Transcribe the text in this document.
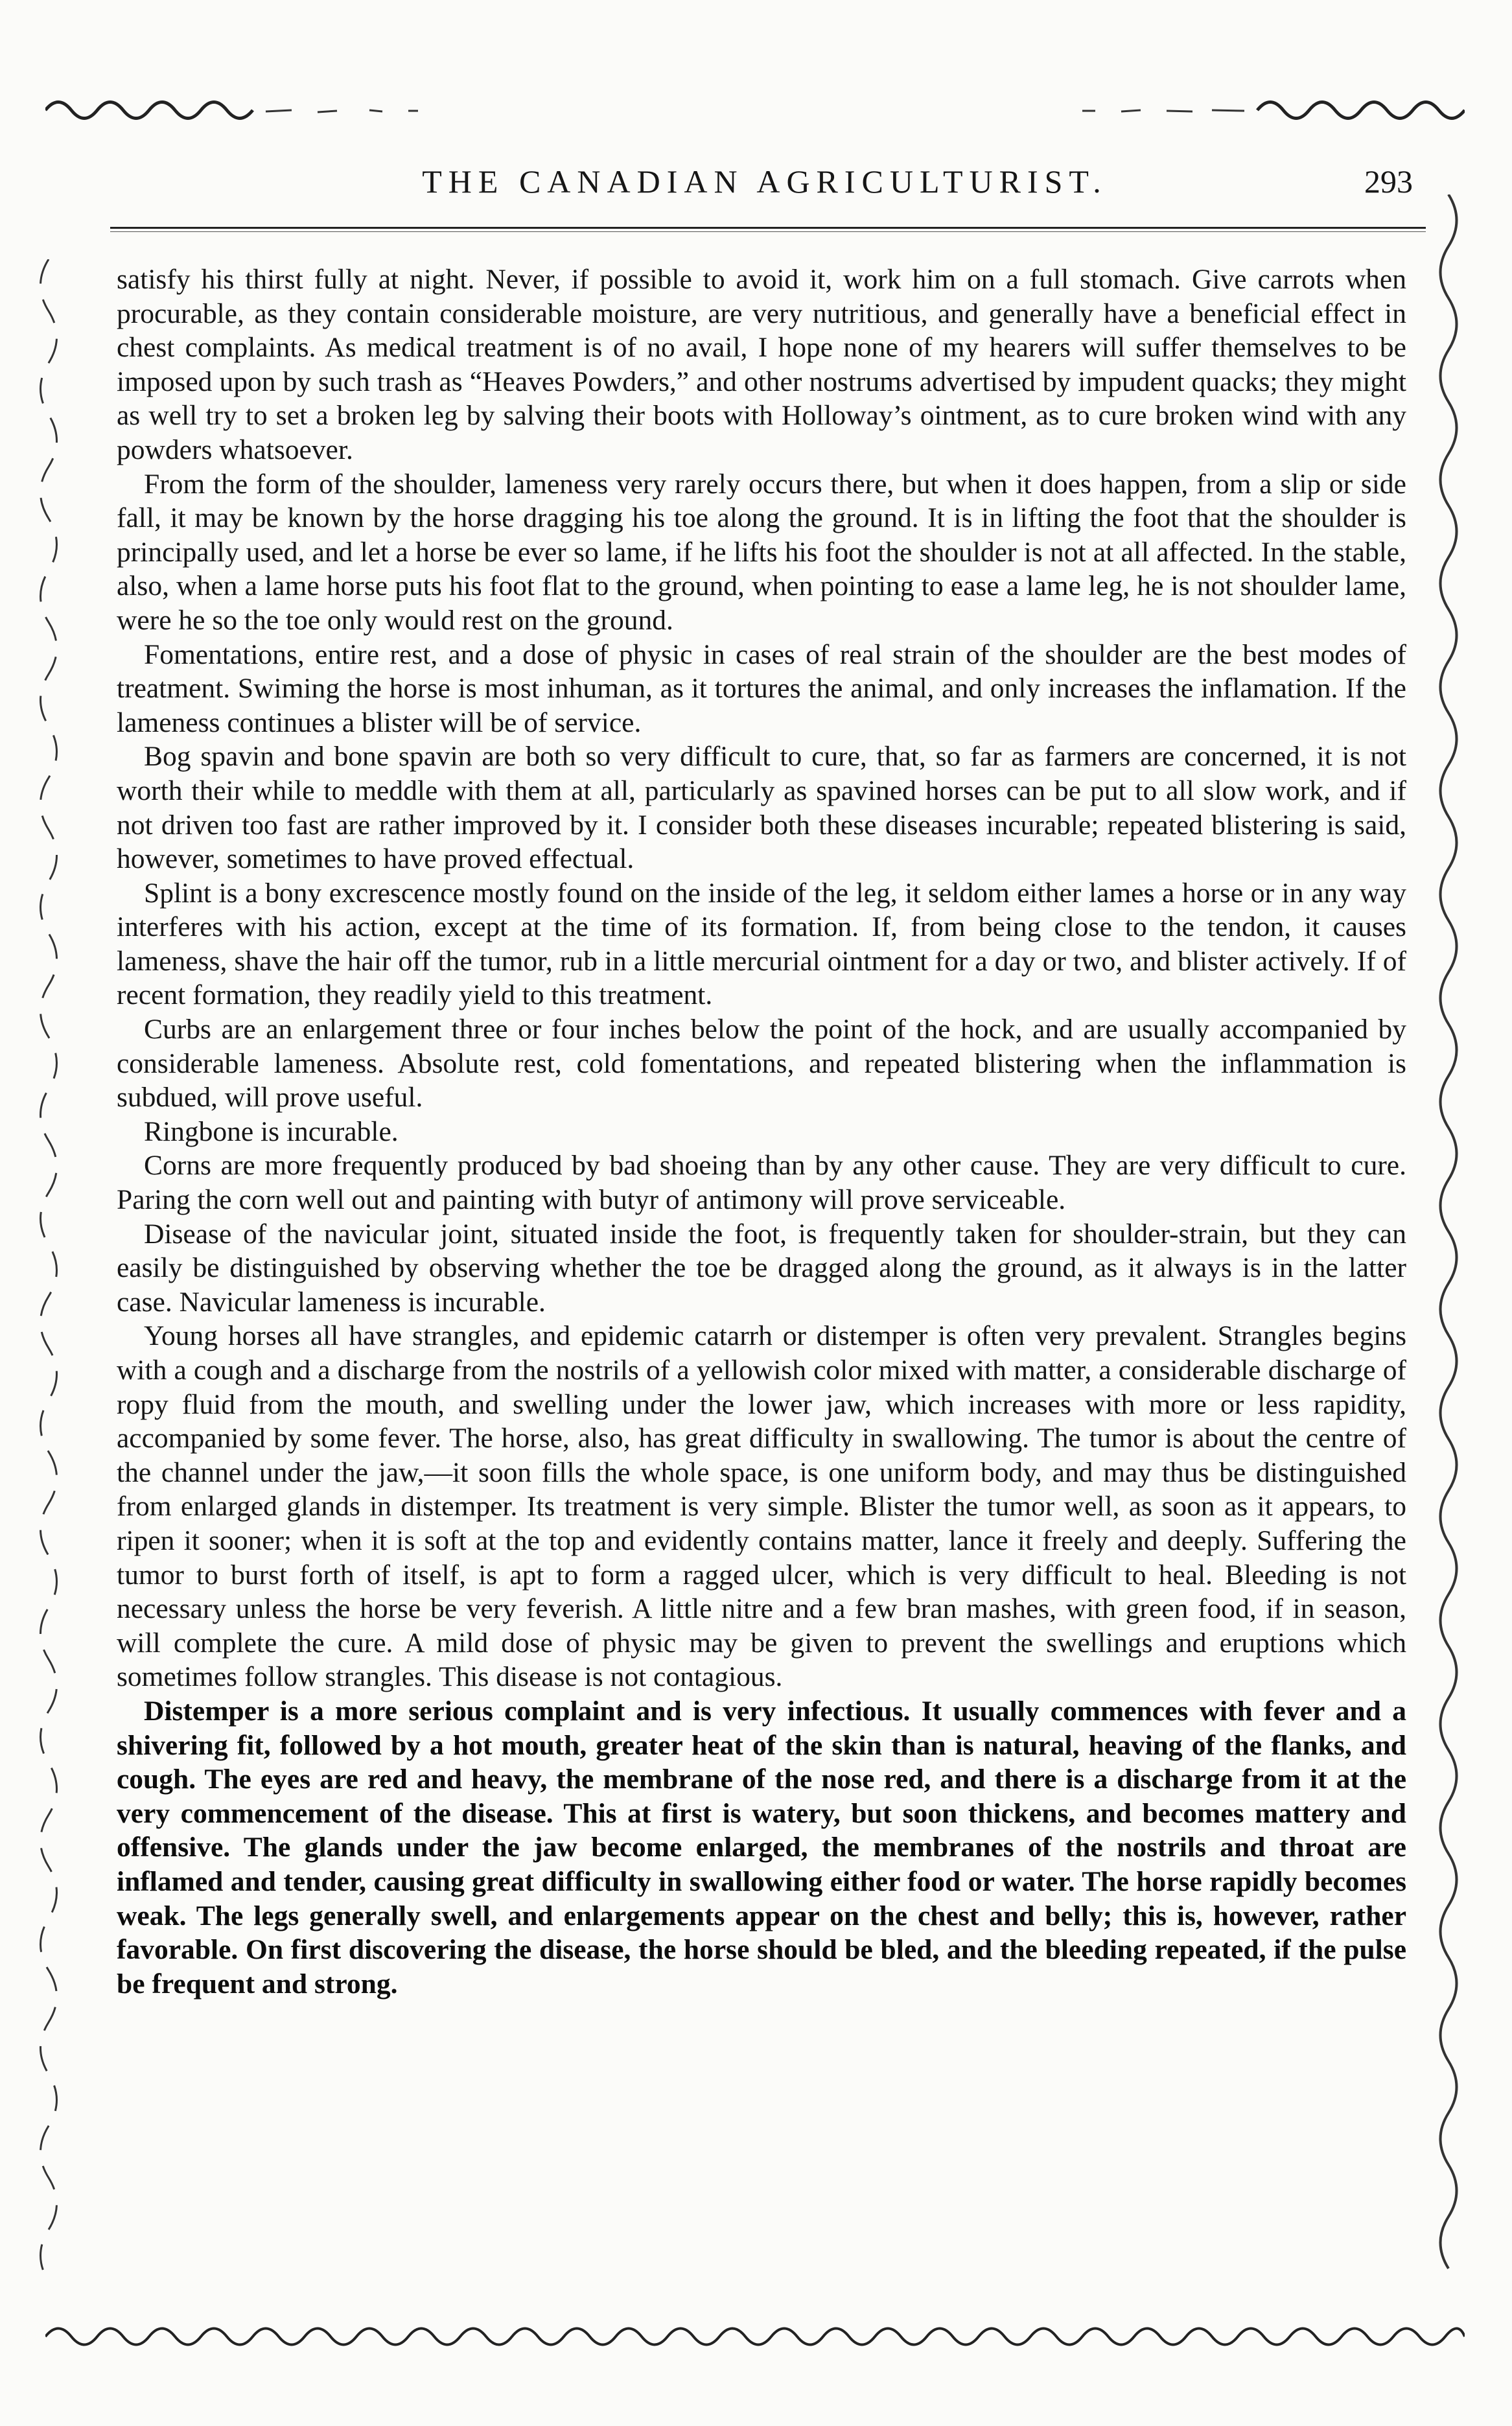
THE CANADIAN AGRICULTURIST.	293

satisfy his thirst fully at night. Never, if possible to avoid it, work him on a full stomach. Give carrots when procurable, as they contain considerable moisture, are very nutritious, and generally have a beneficial effect in chest complaints. As medical treatment is of no avail, I hope none of my hearers will suffer themselves to be imposed upon by such trash as “Heaves Powders,” and other nostrums advertised by impudent quacks; they might as well try to set a broken leg by salving their boots with Holloway’s ointment, as to cure broken wind with any powders whatsoever.

From the form of the shoulder, lameness very rarely occurs there, but when it does happen, from a slip or side fall, it may be known by the horse dragging his toe along the ground. It is in lifting the foot that the shoulder is principally used, and let a horse be ever so lame, if he lifts his foot the shoulder is not at all affected. In the stable, also, when a lame horse puts his foot flat to the ground, when pointing to ease a lame leg, he is not shoulder lame, were he so the toe only would rest on the ground.

Fomentations, entire rest, and a dose of physic in cases of real strain of the shoulder are the best modes of treatment. Swiming the horse is most inhuman, as it tortures the animal, and only increases the inflamation. If the lameness continues a blister will be of service.

Bog spavin and bone spavin are both so very difficult to cure, that, so far as farmers are concerned, it is not worth their while to meddle with them at all, particularly as spavined horses can be put to all slow work, and if not driven too fast are rather improved by it. I consider both these diseases incurable; repeated blistering is said, however, sometimes to have proved effectual.

Splint is a bony excrescence mostly found on the inside of the leg, it seldom either lames a horse or in any way interferes with his action, except at the time of its formation. If, from being close to the tendon, it causes lameness, shave the hair off the tumor, rub in a little mercurial ointment for a day or two, and blister actively. If of recent formation, they readily yield to this treatment.

Curbs are an enlargement three or four inches below the point of the hock, and are usually accompanied by considerable lameness. Absolute rest, cold fomentations, and repeated blistering when the inflammation is subdued, will prove useful.

Ringbone is incurable.

Corns are more frequently produced by bad shoeing than by any other cause. They are very difficult to cure. Paring the corn well out and painting with butyr of antimony will prove serviceable.

Disease of the navicular joint, situated inside the foot, is frequently taken for shoulder-strain, but they can easily be distinguished by observing whether the toe be dragged along the ground, as it always is in the latter case. Navicular lameness is incurable.

Young horses all have strangles, and epidemic catarrh or distemper is often very prevalent. Strangles begins with a cough and a discharge from the nostrils of a yellowish color mixed with matter, a considerable discharge of ropy fluid from the mouth, and swelling under the lower jaw, which increases with more or less rapidity, accompanied by some fever. The horse, also, has great difficulty in swallowing. The tumor is about the centre of the channel under the jaw,—it soon fills the whole space, is one uniform body, and may thus be distinguished from enlarged glands in distemper. Its treatment is very simple. Blister the tumor well, as soon as it appears, to ripen it sooner; when it is soft at the top and evidently contains matter, lance it freely and deeply. Suffering the tumor to burst forth of itself, is apt to form a ragged ulcer, which is very difficult to heal. Bleeding is not necessary unless the horse be very feverish. A little nitre and a few bran mashes, with green food, if in season, will complete the cure. A mild dose of physic may be given to prevent the swellings and eruptions which sometimes follow strangles. This disease is not contagious.

Distemper is a more serious complaint and is very infectious. It usually commences with fever and a shivering fit, followed by a hot mouth, greater heat of the skin than is natural, heaving of the flanks, and cough. The eyes are red and heavy, the membrane of the nose red, and there is a discharge from it at the very commencement of the disease. This at first is watery, but soon thickens, and becomes mattery and offensive. The glands under the jaw become enlarged, the membranes of the nostrils and throat are inflamed and tender, causing great difficulty in swallowing either food or water. The horse rapidly becomes weak. The legs generally swell, and enlargements appear on the chest and belly; this is, however, rather favorable. On first discovering the disease, the horse should be bled, and the bleeding repeated, if the pulse be frequent and strong.
